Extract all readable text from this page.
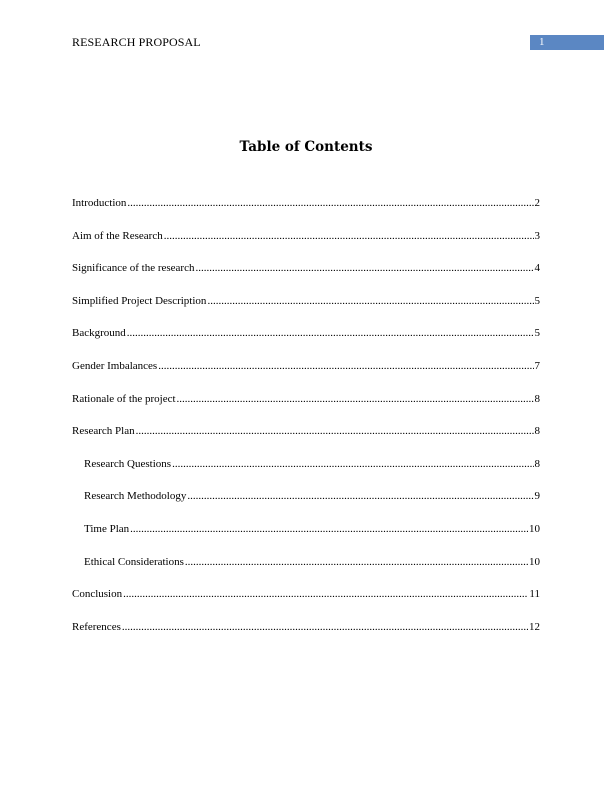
RESEARCH PROPOSAL	1
Table of Contents
Introduction .....	2
Aim of the Research .....	3
Significance of the research .....	4
Simplified Project Description .....	5
Background .....	5
Gender Imbalances .....	7
Rationale of the project .....	8
Research Plan .....	8
Research Questions .....	8
Research Methodology .....	9
Time Plan .....	10
Ethical Considerations .....	10
Conclusion .....	11
References .....	12
